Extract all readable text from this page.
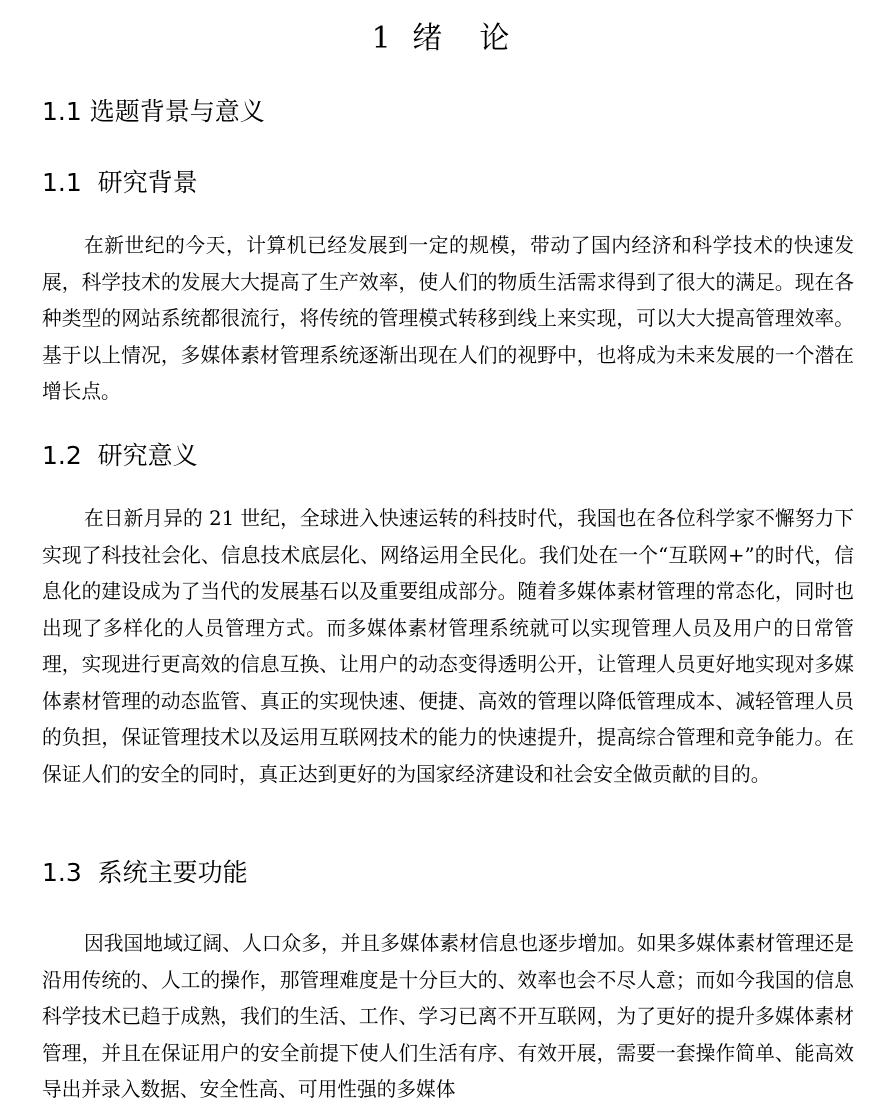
1 绪  论
1.1 选题背景与意义
1.1  研究背景

在新世纪的今天，计算机已经发展到一定的规模，带动了国内经济和科学技术的快速发展，科学技术的发展大大提高了生产效率，使人们的物质生活需求得到了很大的满足。现在各种类型的网站系统都很流行，将传统的管理模式转移到线上来实现，可以大大提高管理效率。基于以上情况，多媒体素材管理系统逐渐出现在人们的视野中，也将成为未来发展的一个潜在增长点。

1.2  研究意义

在日新月异的 21 世纪，全球进入快速运转的科技时代，我国也在各位科学家不懈努力下实现了科技社会化、信息技术底层化、网络运用全民化。我们处在一个“互联网+”的时代，信息化的建设成为了当代的发展基石以及重要组成部分。随着多媒体素材管理的常态化，同时也出现了多样化的人员管理方式。而多媒体素材管理系统就可以实现管理人员及用户的日常管理，实现进行更高效的信息互换、让用户的动态变得透明公开，让管理人员更好地实现对多媒体素材管理的动态监管、真正的实现快速、便捷、高效的管理以降低管理成本、减轻管理人员的负担，保证管理技术以及运用互联网技术的能力的快速提升，提高综合管理和竞争能力。在保证人们的安全的同时，真正达到更好的为国家经济建设和社会安全做贡献的目的。

1.3  系统主要功能

因我国地域辽阔、人口众多，并且多媒体素材信息也逐步增加。如果多媒体素材管理还是沿用传统的、人工的操作，那管理难度是十分巨大的、效率也会不尽人意；而如今我国的信息科学技术已趋于成熟，我们的生活、工作、学习已离不开互联网，为了更好的提升多媒体素材管理，并且在保证用户的安全前提下使人们生活有序、有效开展，需要一套操作简单、能高效导出并录入数据、安全性高、可用性强的多媒体
